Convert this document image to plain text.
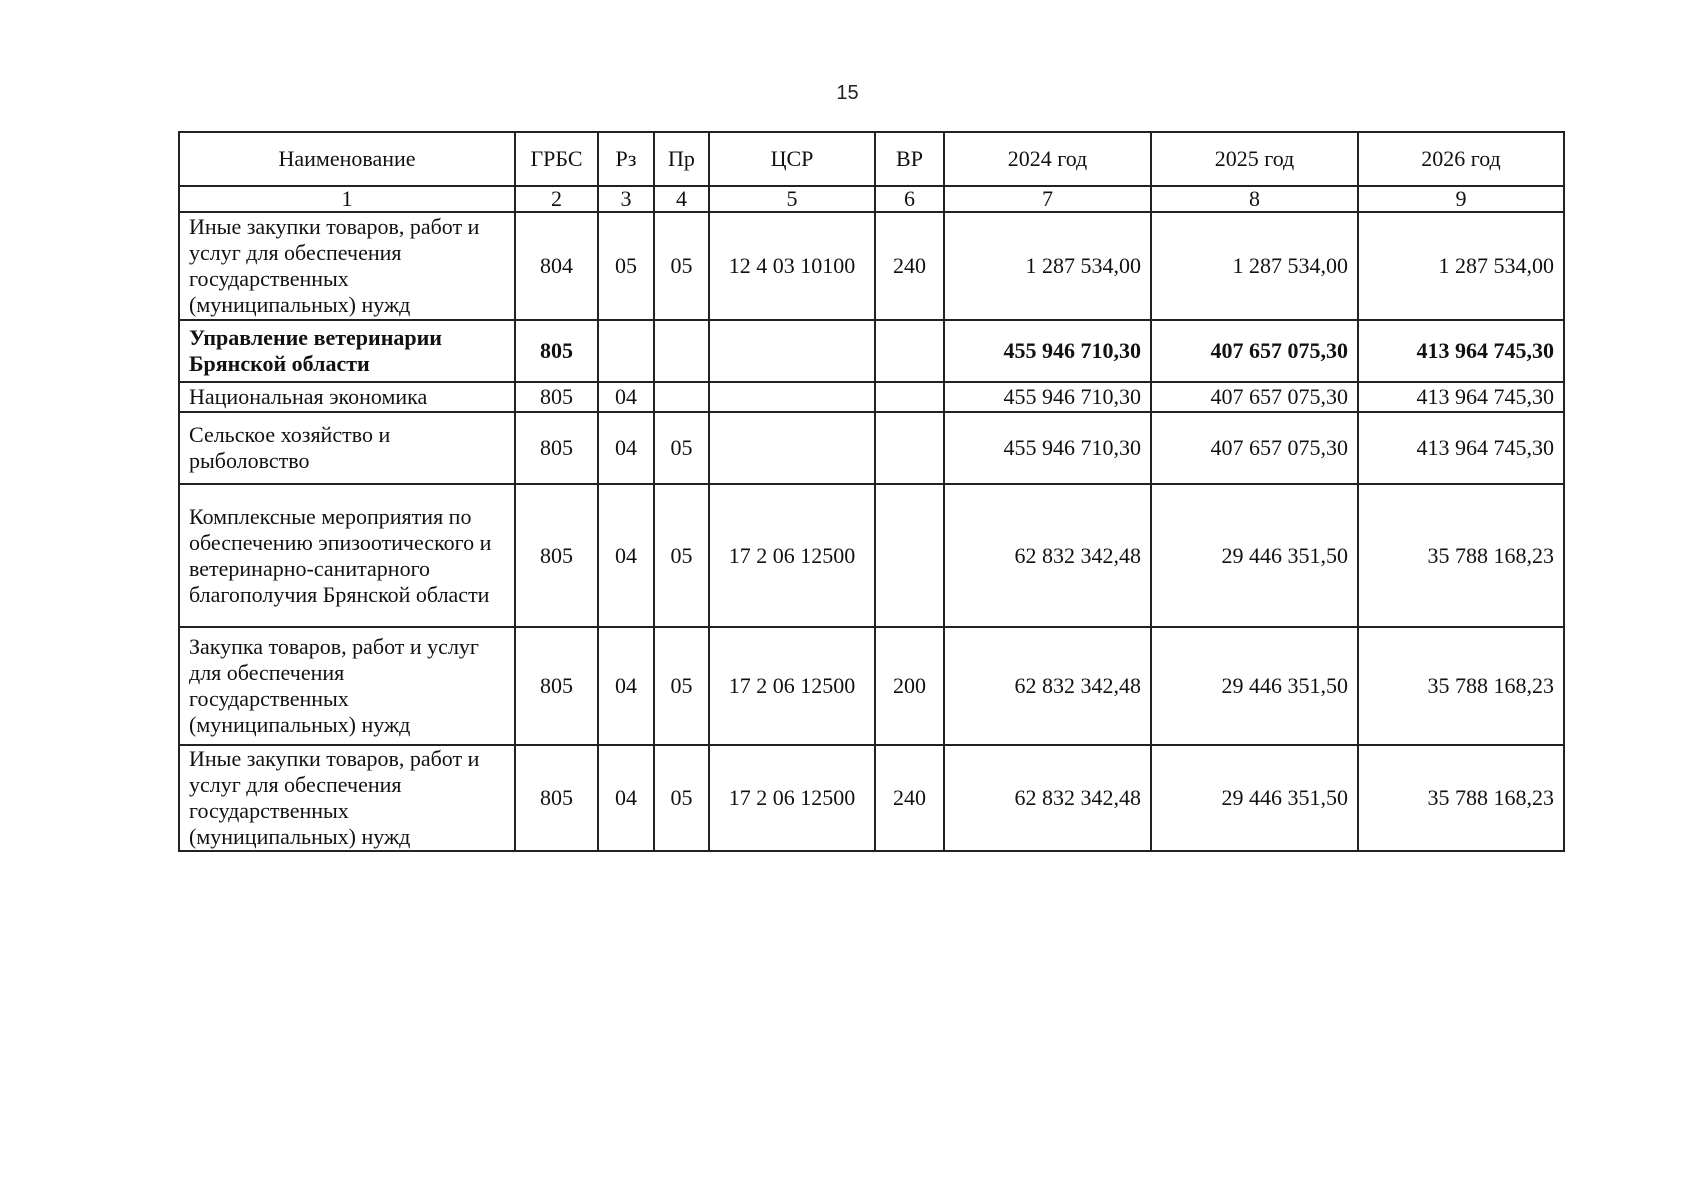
15
Наименование	ГРБС	Рз	Пр	ЦСР	ВР	2024 год	2025 год	2026 год
1	2	3	4	5	6	7	8	9
Иные закупки товаров, работ и услуг для обеспечения государственных (муниципальных) нужд	804	05	05	12 4 03 10100	240	1 287 534,00	1 287 534,00	1 287 534,00
Управление ветеринарии Брянской области	805					455 946 710,30	407 657 075,30	413 964 745,30
Национальная экономика	805	04				455 946 710,30	407 657 075,30	413 964 745,30
Сельское хозяйство и рыболовство	805	04	05			455 946 710,30	407 657 075,30	413 964 745,30
Комплексные мероприятия по обеспечению эпизоотического и ветеринарно-санитарного благополучия Брянской области	805	04	05	17 2 06 12500		62 832 342,48	29 446 351,50	35 788 168,23
Закупка товаров, работ и услуг для обеспечения государственных (муниципальных) нужд	805	04	05	17 2 06 12500	200	62 832 342,48	29 446 351,50	35 788 168,23
Иные закупки товаров, работ и услуг для обеспечения государственных (муниципальных) нужд	805	04	05	17 2 06 12500	240	62 832 342,48	29 446 351,50	35 788 168,23
